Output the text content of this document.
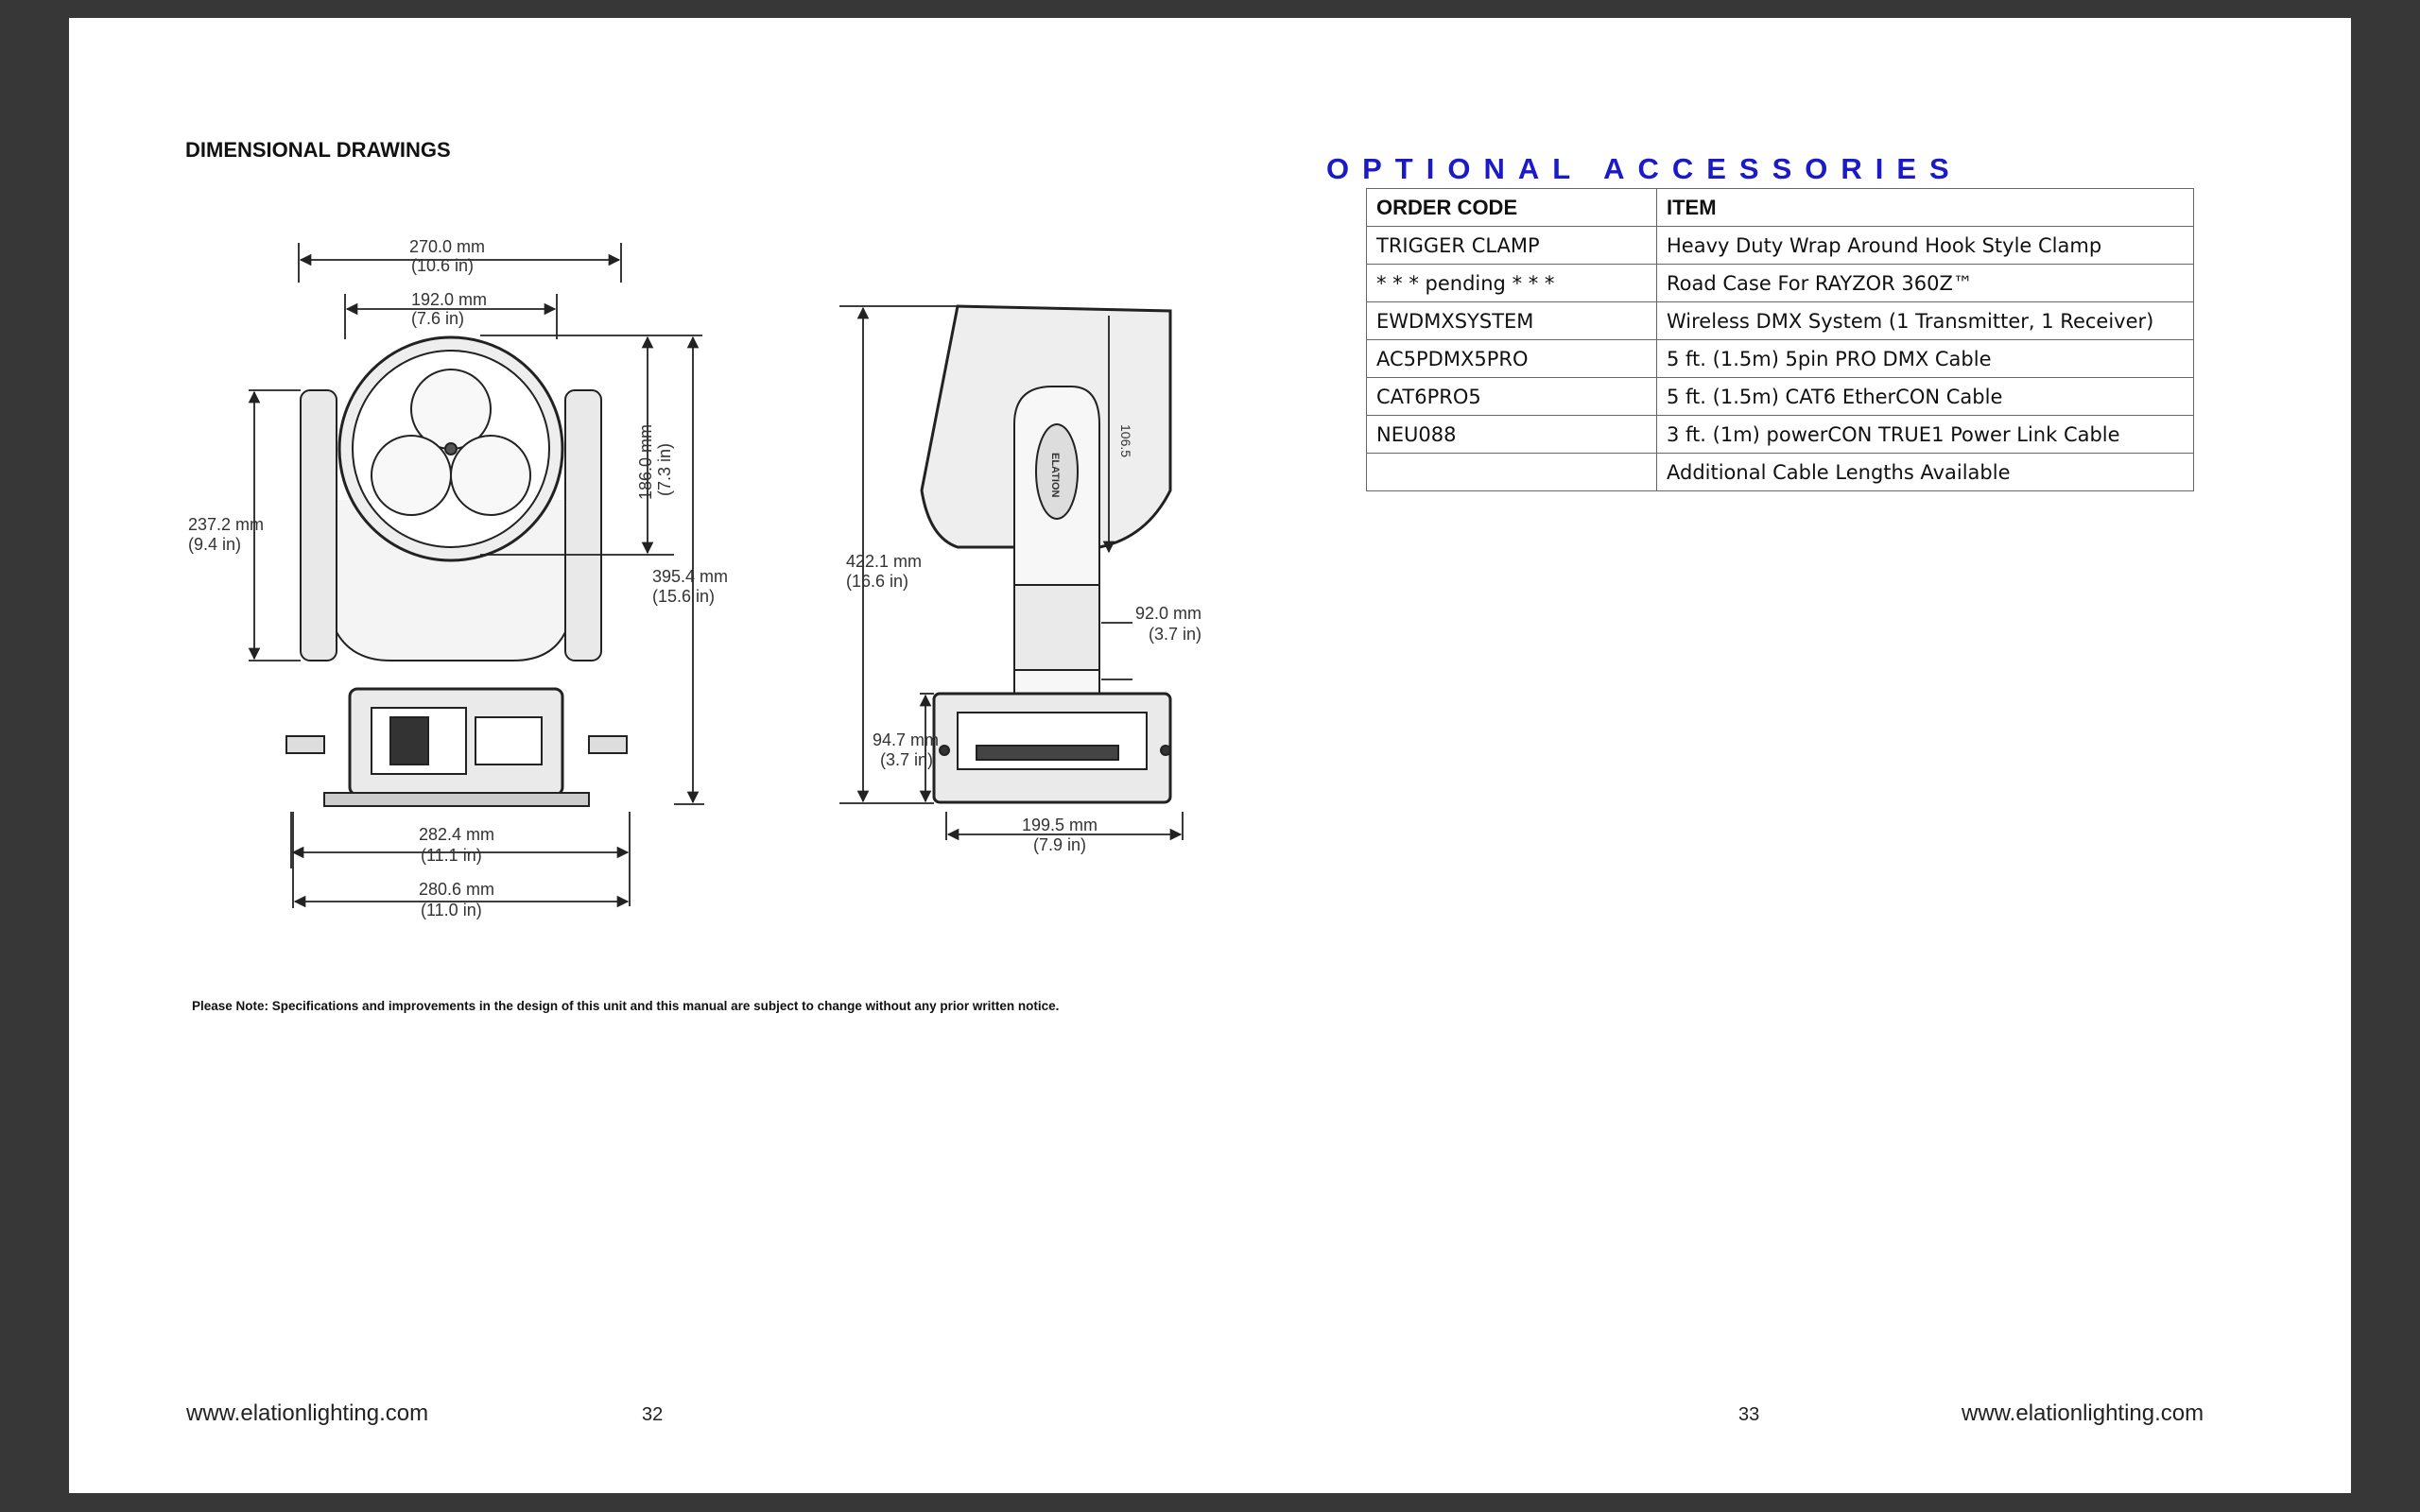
DIMENSIONAL DRAWINGS
270.0 mm
(10.6 in)
192.0 mm
(7.6 in)
237.2 mm
(9.4 in)
186.0 mm (7.3 in)
395.4 mm
(15.6 in)
282.4 mm
(11.1 in)
280.6 mm
(11.0 in)
422.1 mm
(16.6 in)
92.0 mm
(3.7 in)
94.7 mm
(3.7 in)
199.5 mm
(7.9 in)
106.5
ELATION
Please Note: Specifications and improvements in the design of this unit and this manual are subject to change without any prior written notice.
www.elationlighting.com	32
OPTIONAL ACCESSORIES
ORDER CODE	ITEM
TRIGGER CLAMP	Heavy Duty Wrap Around Hook Style Clamp
* * * pending * * *	Road Case For RAYZOR 360Z™
EWDMXSYSTEM	Wireless DMX System (1 Transmitter, 1 Receiver)
AC5PDMX5PRO	5 ft. (1.5m) 5pin PRO DMX Cable
CAT6PRO5	5 ft. (1.5m) CAT6 EtherCON Cable
NEU088	3 ft. (1m) powerCON TRUE1 Power Link Cable
	Additional Cable Lengths Available
33	www.elationlighting.com
